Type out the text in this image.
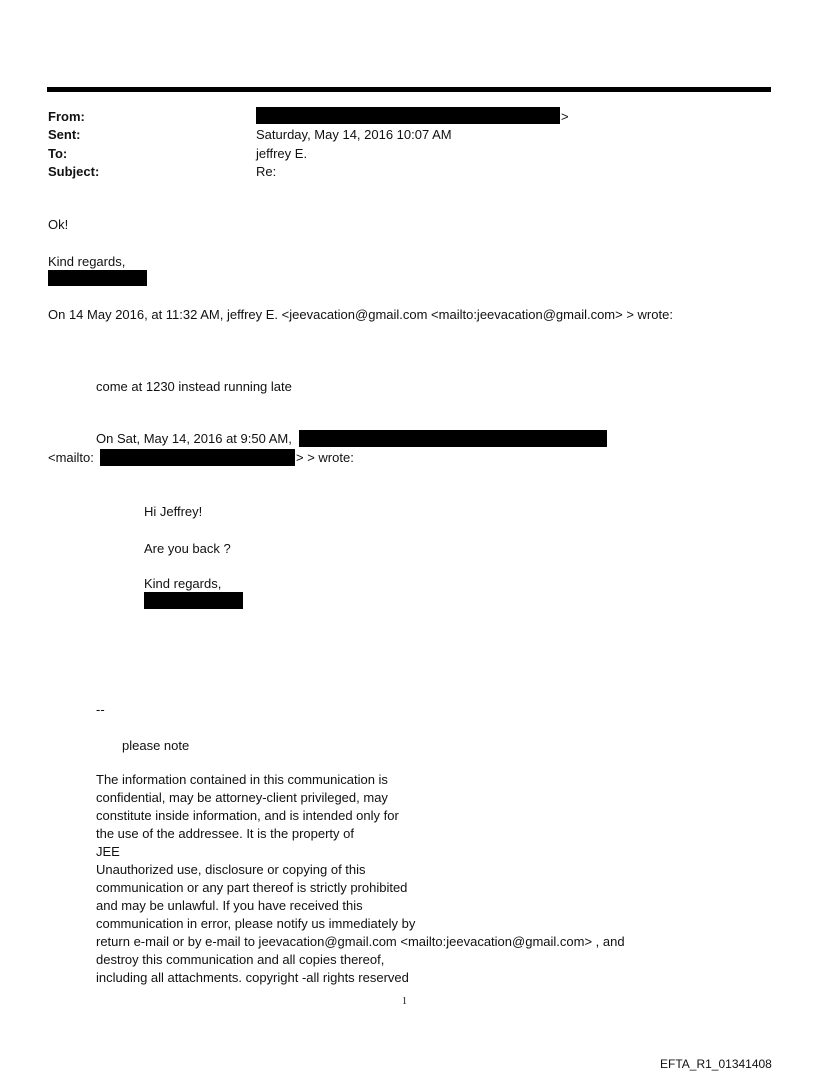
From:	>
Sent:	Saturday, May 14, 2016 10:07 AM
To:	jeffrey E.
Subject:	Re:
Ok!
Kind regards,
On 14 May 2016, at 11:32 AM, jeffrey E. <jeevacation@gmail.com <mailto:jeevacation@gmail.com> > wrote:
come at 1230 instead running late
On Sat, May 14, 2016 at 9:50 AM,
<mailto:	> > wrote:
Hi Jeffrey!
Are you back ?
Kind regards,
--
please note
The information contained in this communication is
confidential, may be attorney-client privileged, may
constitute inside information, and is intended only for
the use of the addressee. It is the property of
JEE
Unauthorized use, disclosure or copying of this
communication or any part thereof is strictly prohibited
and may be unlawful. If you have received this
communication in error, please notify us immediately by
return e-mail or by e-mail to jeevacation@gmail.com <mailto:jeevacation@gmail.com> , and
destroy this communication and all copies thereof,
including all attachments. copyright -all rights reserved
1
EFTA_R1_01341408
